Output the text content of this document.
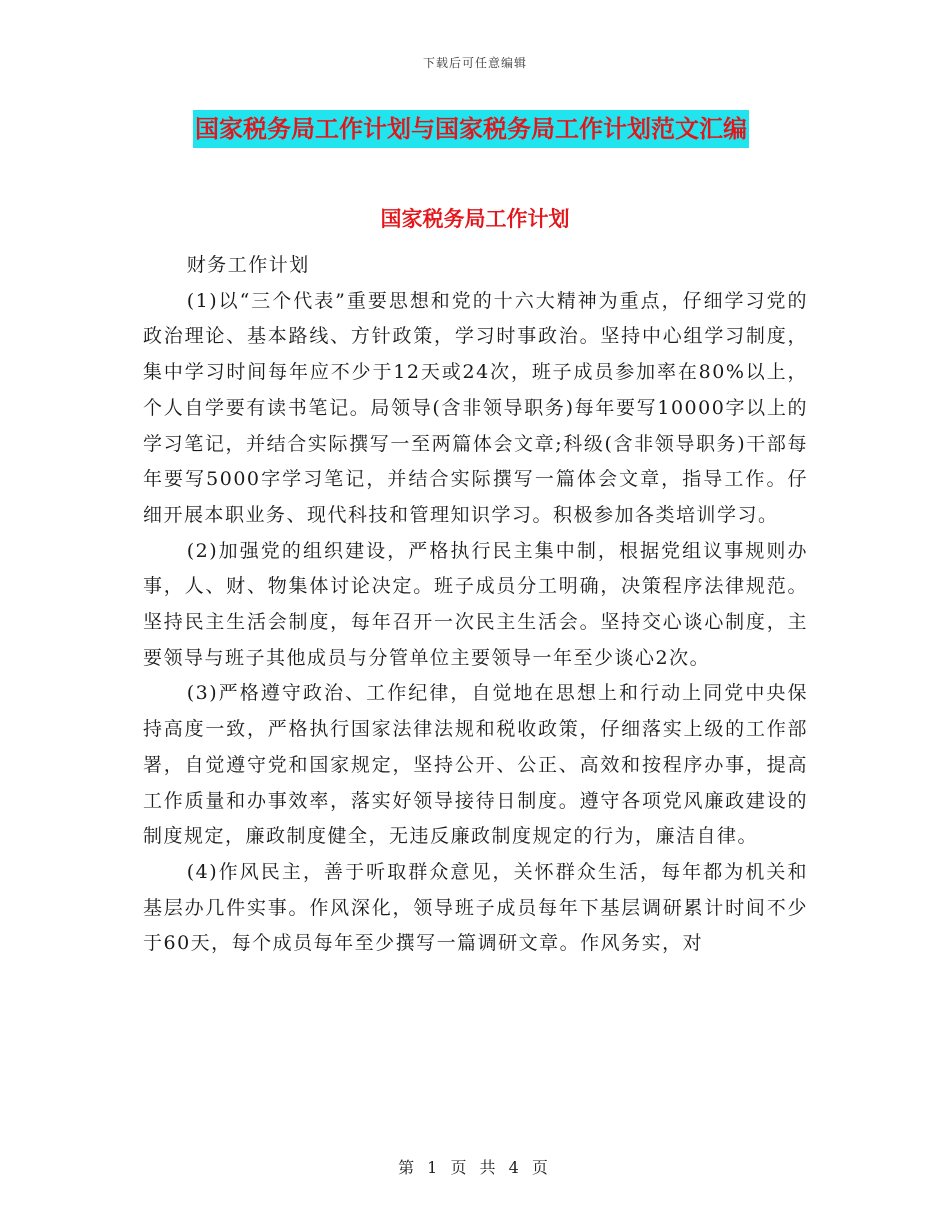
下载后可任意编辑
国家税务局工作计划与国家税务局工作计划范文汇编
国家税务局工作计划

财务工作计划

(1)以“三个代表”重要思想和党的十六大精神为重点，仔细学习党的政治理论、基本路线、方针政策，学习时事政治。坚持中心组学习制度，集中学习时间每年应不少于12天或24次，班子成员参加率在80%以上，个人自学要有读书笔记。局领导(含非领导职务)每年要写10000字以上的学习笔记，并结合实际撰写一至两篇体会文章;科级(含非领导职务)干部每年要写5000字学习笔记，并结合实际撰写一篇体会文章，指导工作。仔细开展本职业务、现代科技和管理知识学习。积极参加各类培训学习。

(2)加强党的组织建设，严格执行民主集中制，根据党组议事规则办事，人、财、物集体讨论决定。班子成员分工明确，决策程序法律规范。坚持民主生活会制度，每年召开一次民主生活会。坚持交心谈心制度，主要领导与班子其他成员与分管单位主要领导一年至少谈心2次。

(3)严格遵守政治、工作纪律，自觉地在思想上和行动上同党中央保持高度一致，严格执行国家法律法规和税收政策，仔细落实上级的工作部署，自觉遵守党和国家规定，坚持公开、公正、高效和按程序办事，提高工作质量和办事效率，落实好领导接待日制度。遵守各项党风廉政建设的制度规定，廉政制度健全，无违反廉政制度规定的行为，廉洁自律。

(4)作风民主，善于听取群众意见，关怀群众生活，每年都为机关和基层办几件实事。作风深化，领导班子成员每年下基层调研累计时间不少于60天，每个成员每年至少撰写一篇调研文章。作风务实，对

第 1 页 共 4 页
